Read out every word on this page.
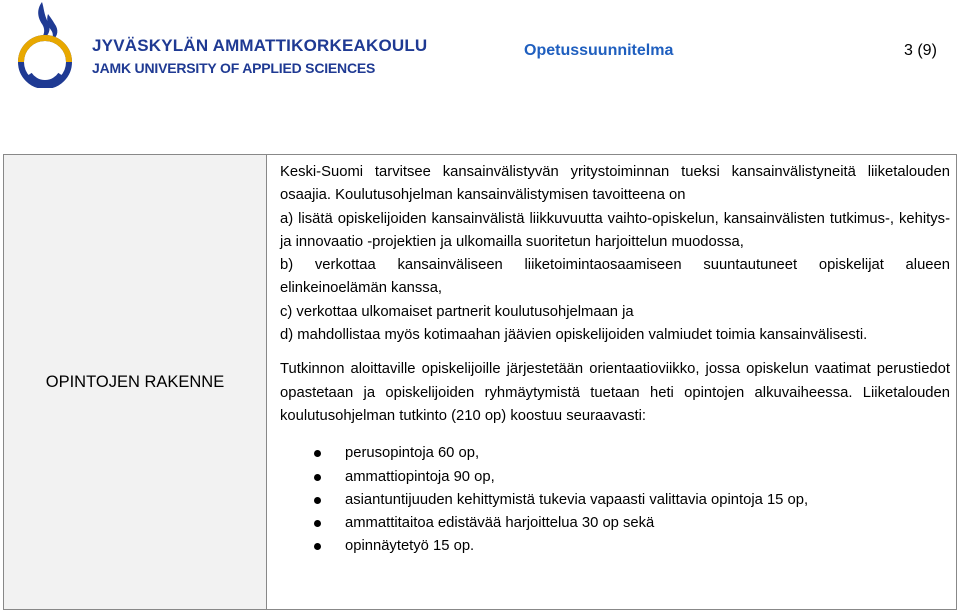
JYVÄSKYLÄN AMMATTIKORKEAKOULU
JAMK UNIVERSITY OF APPLIED SCIENCES
Opetussuunnitelma	3 (9)
OPINTOJEN RAKENNE	

Keski-Suomi tarvitsee kansainvälistyvän yritystoiminnan tueksi kansainvälistyneitä liiketalouden osaajia. Koulutusohjelman kansainvälistymisen tavoitteena on

a) lisätä opiskelijoiden kansainvälistä liikkuvuutta vaihto-opiskelun, kansainvälisten tutkimus-, kehitys- ja innovaatio -projektien ja ulkomailla suoritetun harjoittelun muodossa,

b) verkottaa kansainväliseen liiketoimintaosaamiseen suuntautuneet opiskelijat alueen elinkeinoelämän kanssa,

c) verkottaa ulkomaiset partnerit koulutusohjelmaan ja

d) mahdollistaa myös kotimaahan jäävien opiskelijoiden valmiudet toimia kansainvälisesti.

Tutkinnon aloittaville opiskelijoille järjestetään orientaatioviikko, jossa opiskelun vaatimat perustiedot opastetaan ja opiskelijoiden ryhmäytymistä tuetaan heti opintojen alkuvaiheessa. Liiketalouden koulutusohjelman tutkinto (210 op) koostuu seuraavasti:

perusopintoja 60 op,
ammattiopintoja 90 op,
asiantuntijuuden kehittymistä tukevia vapaasti valittavia opintoja 15 op,
ammattitaitoa edistävää harjoittelua 30 op sekä
opinnäytetyö 15 op.
